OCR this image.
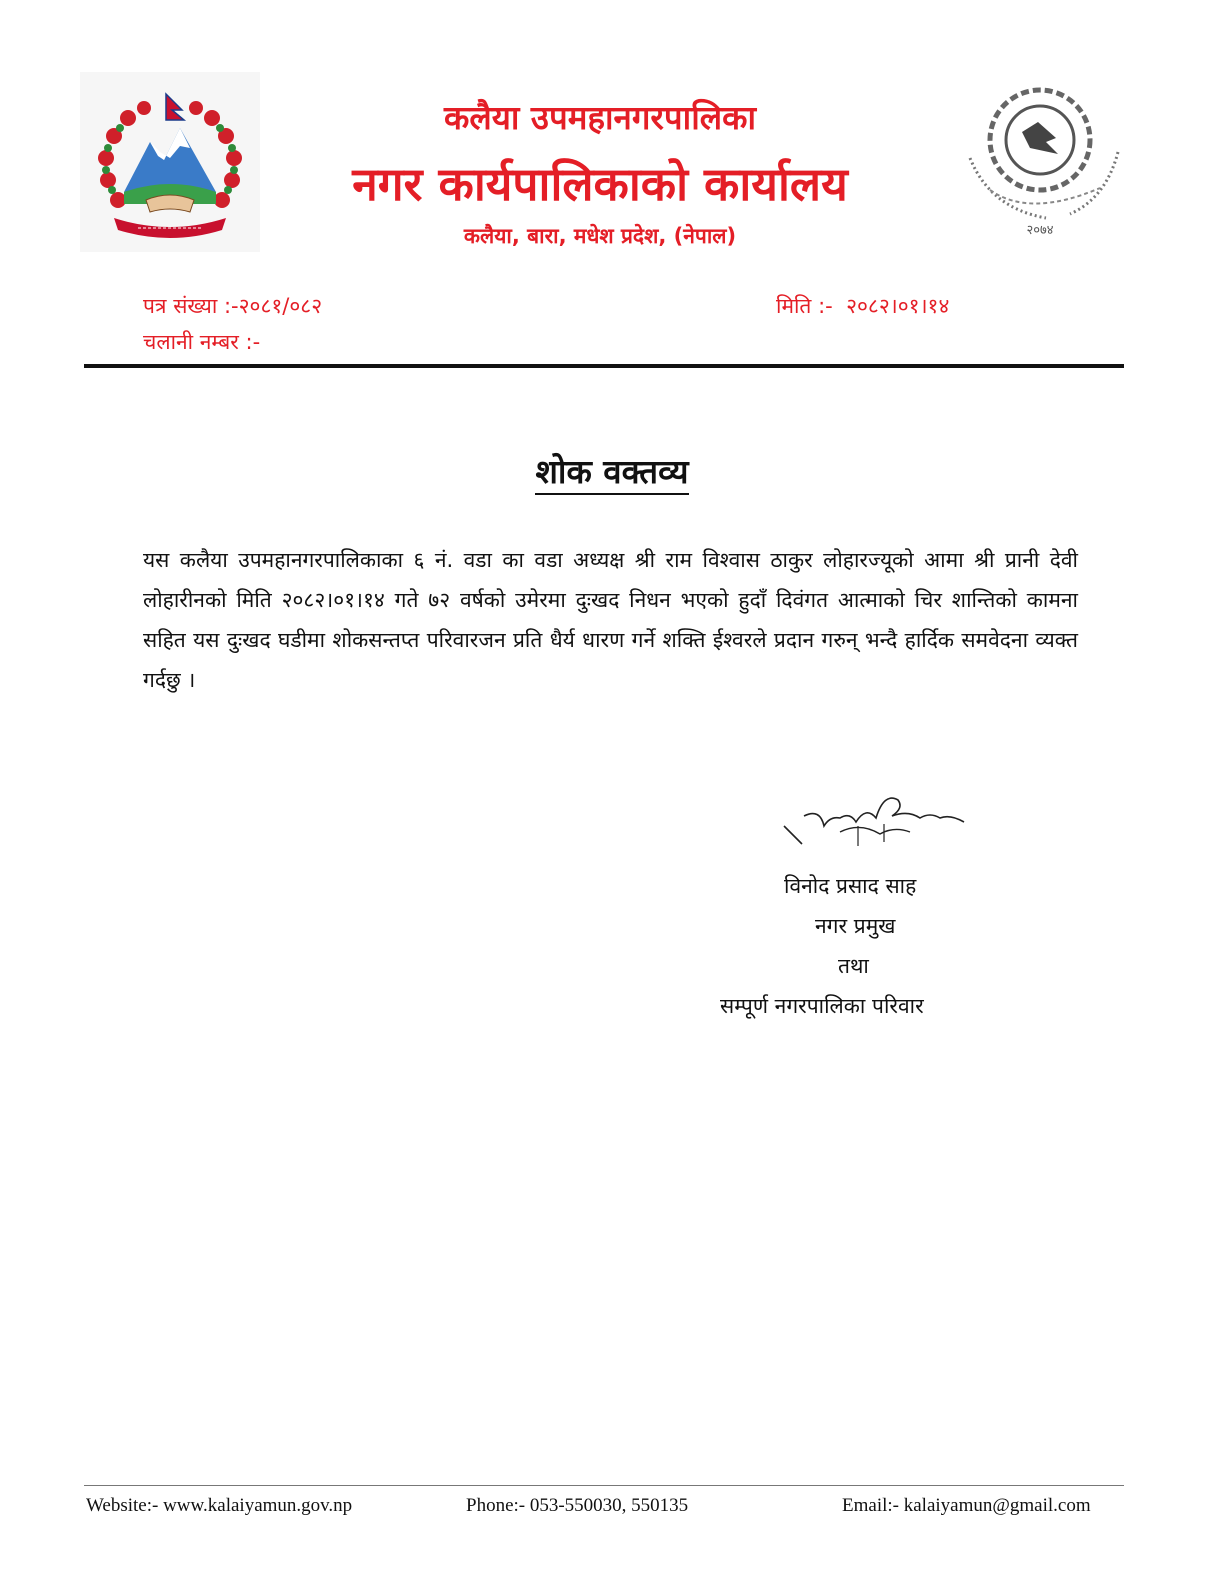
कलैया उपमहानगरपालिका
नगर कार्यपालिकाको कार्यालय
कलैया, बारा, मधेश प्रदेश, (नेपाल)	२०७४
पत्र संख्या :-२०८१/०८२
चलानी नम्बर :-
मिति :- २०८२।०१।१४
शोक वक्तव्य
यस कलैया उपमहानगरपालिकाका ६ नं. वडा का वडा अध्यक्ष श्री राम विश्वास ठाकुर लोहारज्यूको आमा श्री प्रानी देवी लोहारीनको मिति २०८२।०१।१४ गते ७२ वर्षको उमेरमा दुःखद निधन भएको हुदाँ दिवंगत आत्माको चिर शान्तिको कामना सहित यस दुःखद घडीमा शोकसन्तप्त परिवारजन प्रति धैर्य धारण गर्ने शक्ति ईश्वरले प्रदान गरुन् भन्दै हार्दिक समवेदना व्यक्त गर्दछु ।
विनोद प्रसाद साह
नगर प्रमुख
तथा
सम्पूर्ण नगरपालिका परिवार
Website:- www.kalaiyamun.gov.np	Phone:- 053-550030, 550135	Email:- kalaiyamun@gmail.com
